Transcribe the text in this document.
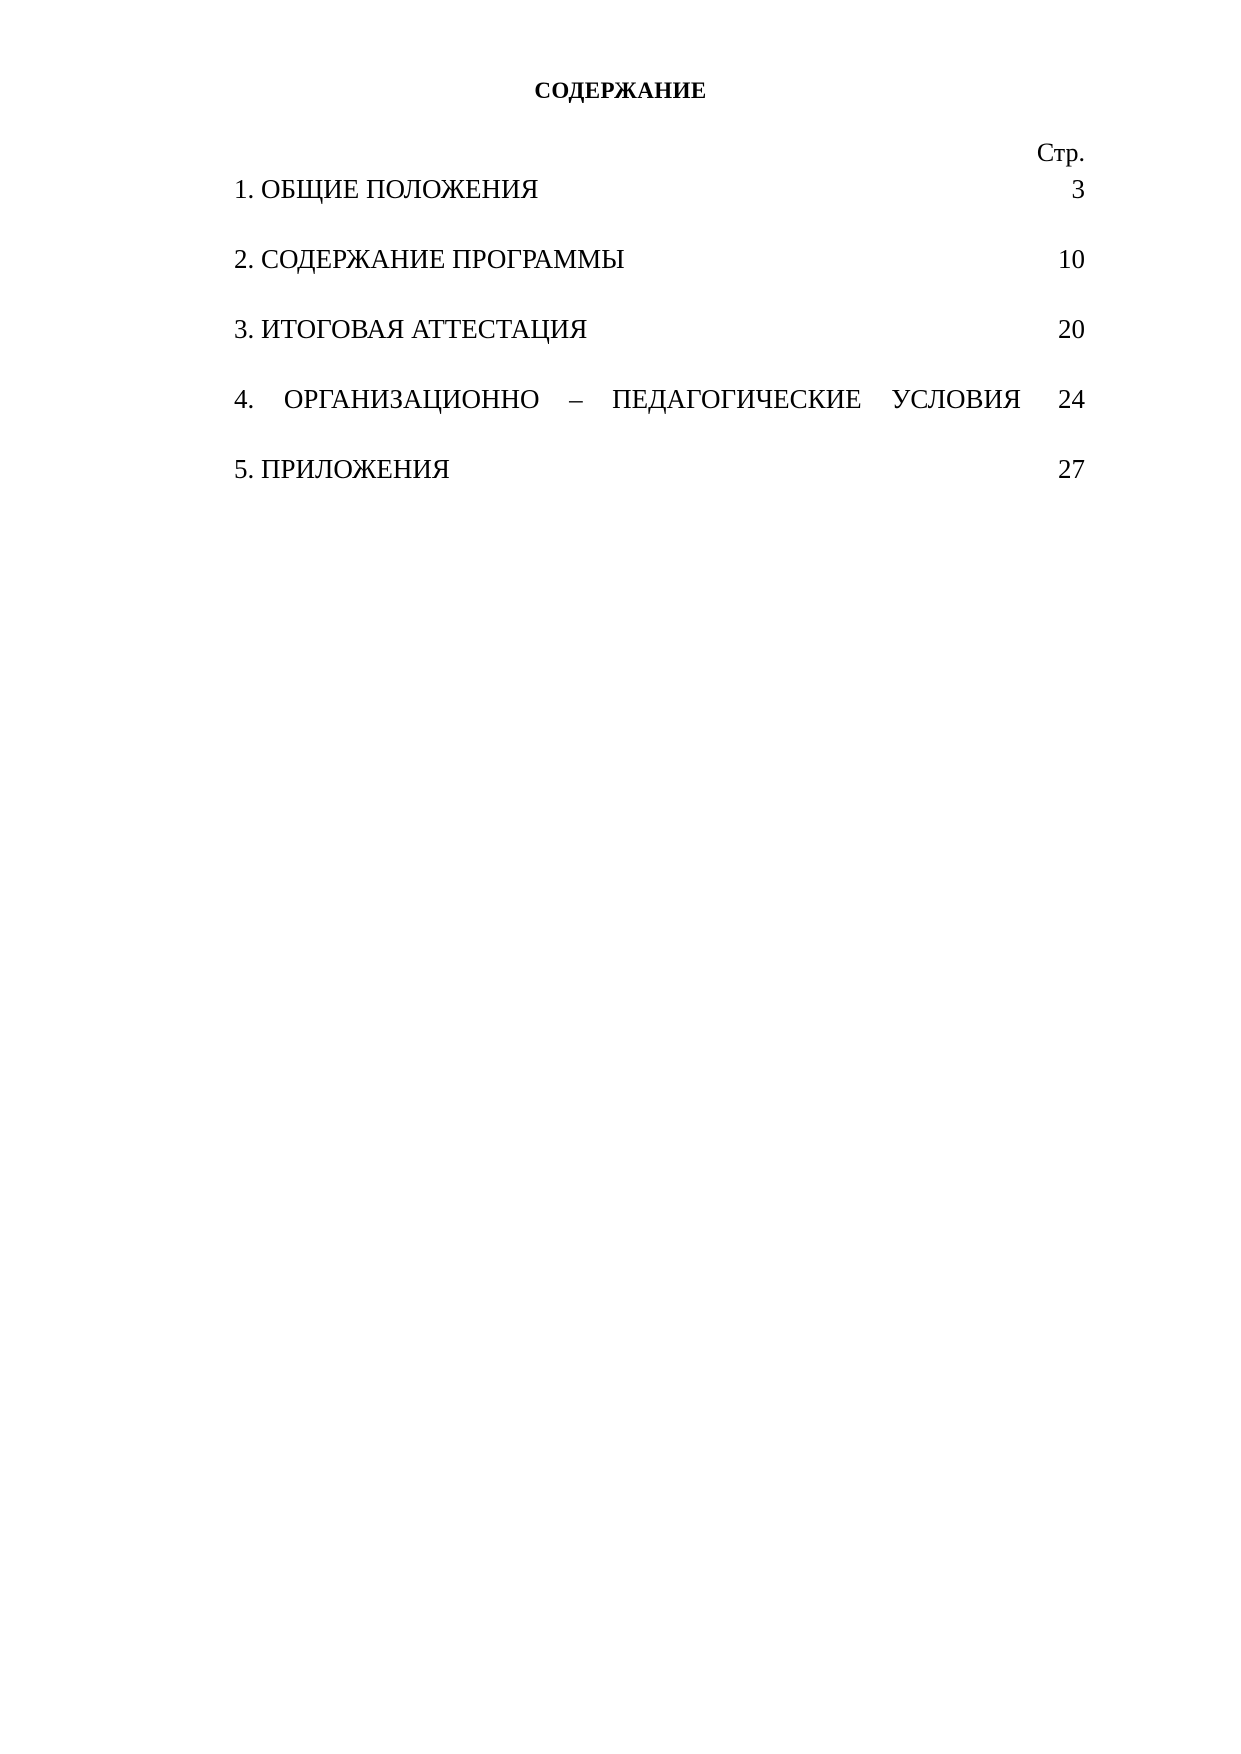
СОДЕРЖАНИЕ
Стр.
1. ОБЩИЕ ПОЛОЖЕНИЯ	3
2. СОДЕРЖАНИЕ ПРОГРАММЫ	10
3. ИТОГОВАЯ АТТЕСТАЦИЯ	20
4. ОРГАНИЗАЦИОННО – ПЕДАГОГИЧЕСКИЕ УСЛОВИЯ	24
5. ПРИЛОЖЕНИЯ	27
